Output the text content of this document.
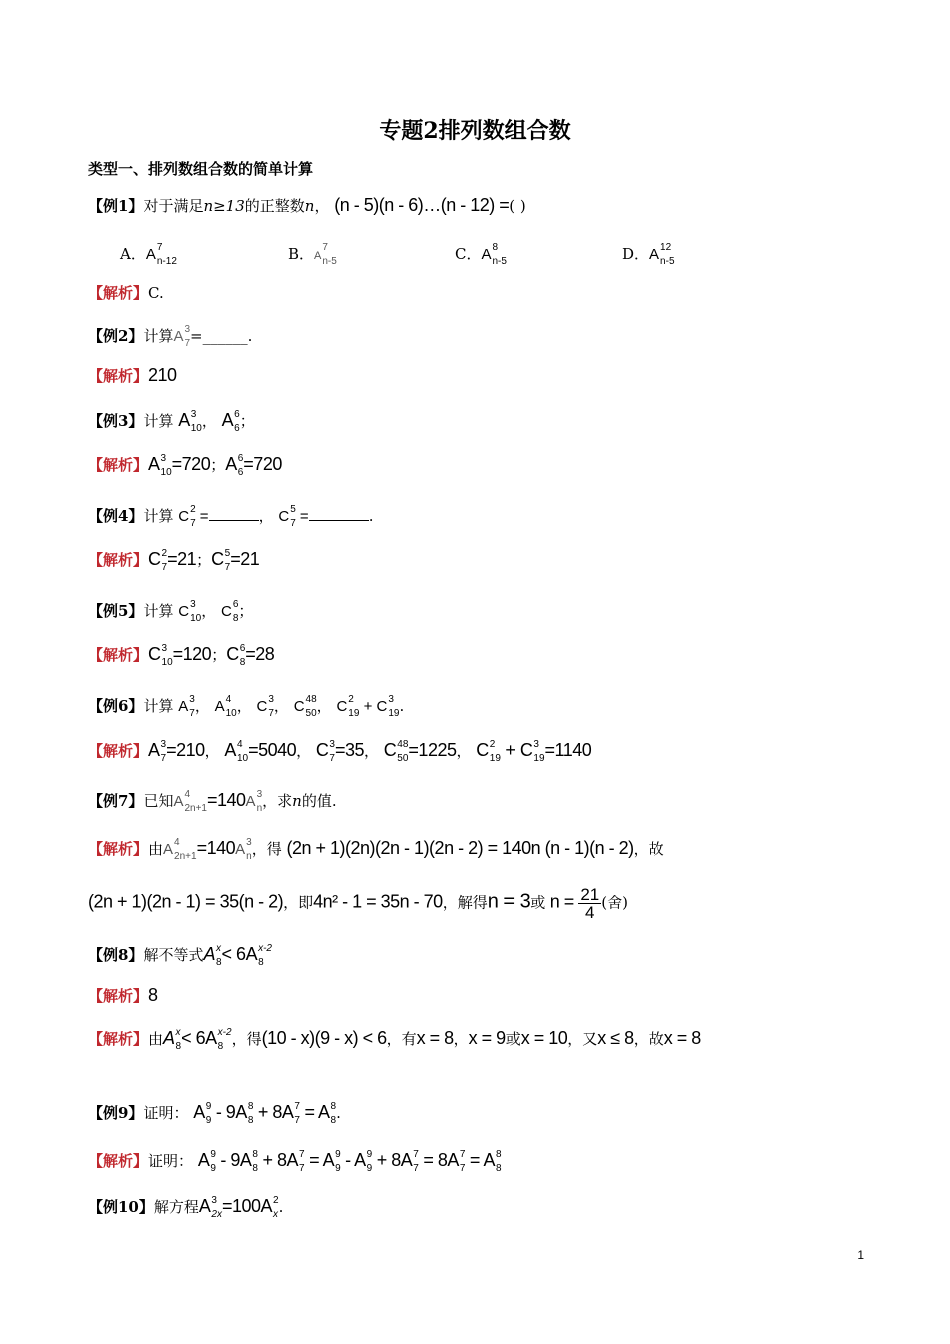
专题2排列数组合数
类型一、排列数组合数的简单计算
【例1】对于满足n≥13的正整数n， (n - 5)(n - 6)…(n - 12) =( )
A．A 7
n-12	B．A
7
n-5	C．A 8
n-5	D．A 12
n-5
【解析】C.
【例2】计算A 3
7 =______.
【解析】210
【例3】计算 A 3
10 ， A 6
6 ；
【解析】A 3
10 =720；A 6
6 =720
【例4】计算 C 2
7 =	， C 5
7 =	.
【解析】C 2
7 =21；C 5
7 =21
【例5】计算 C 3
10 ， C 6
8 ；
【解析】C 3
10 =120；C 6
8 =28
【例6】计算 A 3
7 ， A 4
10 ， C 3
7 ， C 48
50 ， C 2
19 + C 3
19 .
【解析】A 3
7 =210， A 4
10 =5040， C 3
7 =35， C 48
50 =1225， C 2
19 + C 3
19 =1140
【例7】已知A 4
2n+1 =140A 3
n ，求n的值.
【解析】由A 4
2n+1 =140A 3
n ，得 (2n + 1)(2n)(2n - 1)(2n - 2) = 140n (n - 1)(n - 2)，故
(2n + 1)(2n - 1) = 35(n - 2)，即4n² - 1 = 35n - 70，解得n = 3或 $n = \frac{21}{4}$ (舍)
【例8】解不等式A x
8 < 6A x-2
8
【解析】8
【解析】由A x
8 < 6A x-2
8 ，得(10 - x)(9 - x) < 6，有x = 8，x = 9或x = 10，又x ≤ 8，故x = 8
【例9】证明： A 9
9 - 9A 8
8 + 8A 7
7 = A 8
8 .
【解析】证明： A 9
9 - 9A 8
8 + 8A 7
7 = A 9
9 - A 9
9 + 8A 7
7 = 8A 7
7 = A 8
8
【例10】解方程A 3
2x =100A 2
x .
1
